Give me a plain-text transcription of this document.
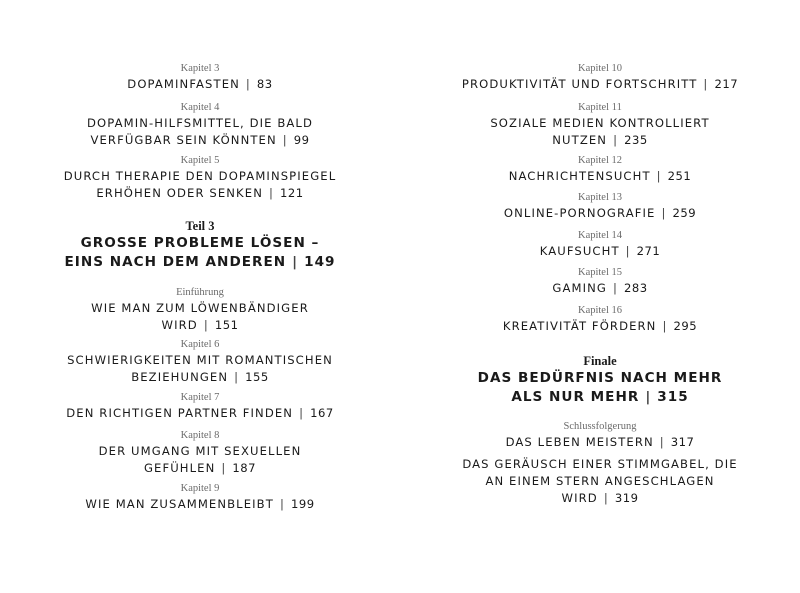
Kapitel 3
DOPAMINFASTEN | 83
Kapitel 4
DOPAMIN-HILFSMITTEL, DIE BALD
VERFÜGBAR SEIN KÖNNTEN | 99
Kapitel 5
DURCH THERAPIE DEN DOPAMINSPIEGEL
ERHÖHEN ODER SENKEN | 121
Teil 3
GROSSE PROBLEME LÖSEN –
EINS NACH DEM ANDEREN | 149
Einführung
WIE MAN ZUM LÖWENBÄNDIGER
WIRD | 151
Kapitel 6
SCHWIERIGKEITEN MIT ROMANTISCHEN
BEZIEHUNGEN | 155
Kapitel 7
DEN RICHTIGEN PARTNER FINDEN | 167
Kapitel 8
DER UMGANG MIT SEXUELLEN
GEFÜHLEN | 187
Kapitel 9
WIE MAN ZUSAMMENBLEIBT | 199
Kapitel 10
PRODUKTIVITÄT UND FORTSCHRITT | 217
Kapitel 11
SOZIALE MEDIEN KONTROLLIERT
NUTZEN | 235
Kapitel 12
NACHRICHTENSUCHT | 251
Kapitel 13
ONLINE-PORNOGRAFIE | 259
Kapitel 14
KAUFSUCHT | 271
Kapitel 15
GAMING | 283
Kapitel 16
KREATIVITÄT FÖRDERN | 295
Finale
DAS BEDÜRFNIS NACH MEHR
ALS NUR MEHR | 315
Schlussfolgerung
DAS LEBEN MEISTERN | 317
DAS GERÄUSCH EINER STIMMGABEL, DIE
AN EINEM STERN ANGESCHLAGEN
WIRD | 319
